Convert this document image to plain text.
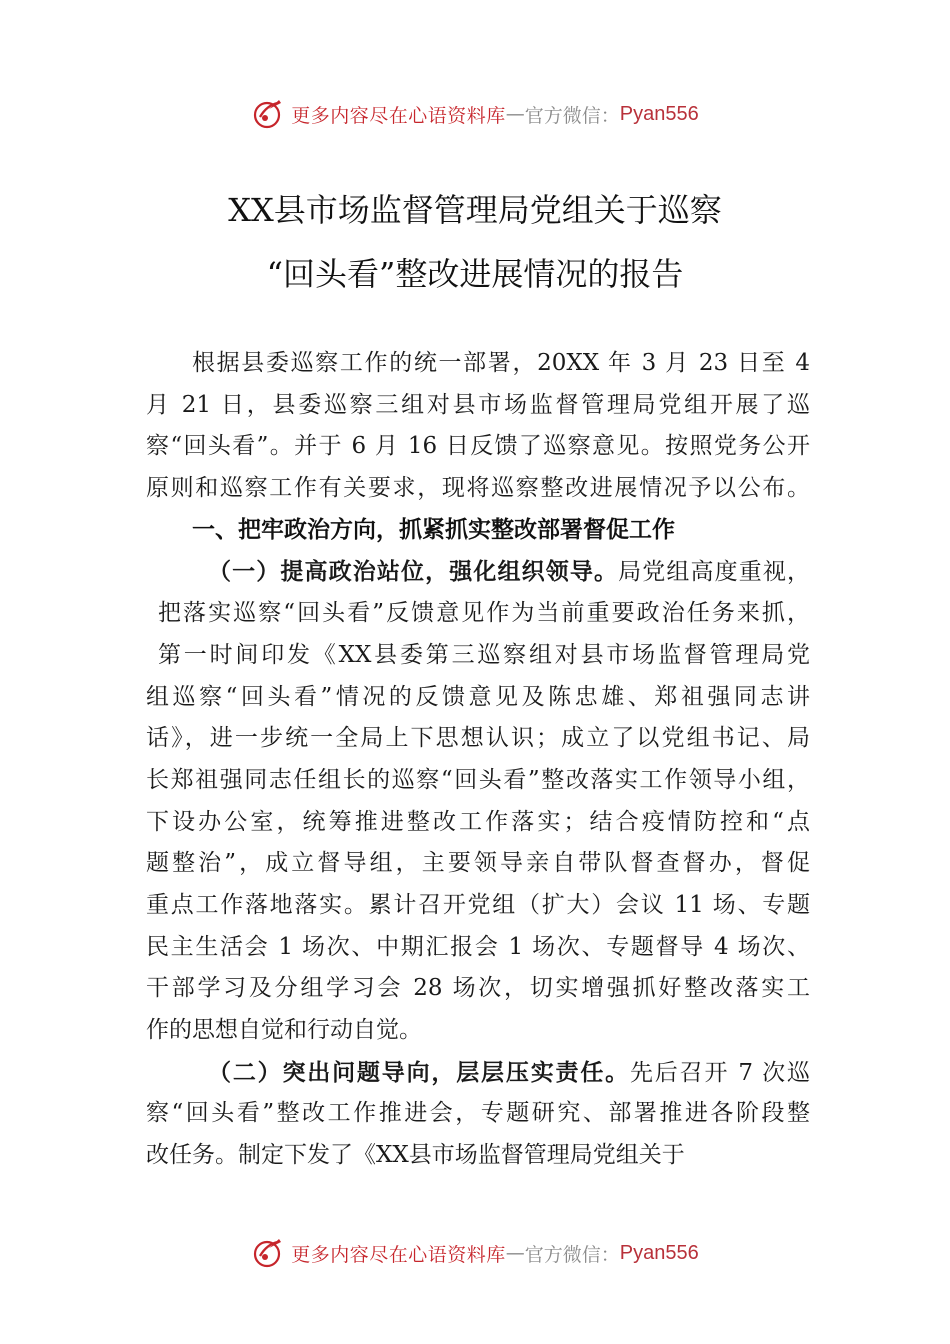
更多内容尽在心语资料库 — 官方微信： Pyan556
XX县市场监督管理局党组关于巡察
“回头看”整改进展情况的报告
根据县委巡察工作的统一部署，20XX 年 3 月 23 日至 4
月 21 日，县委巡察三组对县市场监督管理局党组开展了巡
察“回头看”。并于 6 月 16 日反馈了巡察意见。按照党务公开
原则和巡察工作有关要求，现将巡察整改进展情况予以公布。
一、把牢政治方向，抓紧抓实整改部署督促工作
（一）提高政治站位，强化组织领导。局党组高度重视，
把落实巡察“回头看”反馈意见作为当前重要政治任务来抓，
第一时间印发《XX县委第三巡察组对县市场监督管理局党
组巡察“回头看”情况的反馈意见及陈忠雄、郑祖强同志讲
话》，进一步统一全局上下思想认识；成立了以党组书记、局
长郑祖强同志任组长的巡察“回头看”整改落实工作领导小组，
下设办公室，统筹推进整改工作落实；结合疫情防控和“点
题整治”，成立督导组，主要领导亲自带队督查督办，督促
重点工作落地落实。累计召开党组（扩大）会议 11 场、专题
民主生活会 1 场次、中期汇报会 1 场次、专题督导 4 场次、
干部学习及分组学习会 28 场次，切实增强抓好整改落实工
作的思想自觉和行动自觉。
（二）突出问题导向，层层压实责任。先后召开 7 次巡
察“回头看”整改工作推进会，专题研究、部署推进各阶段整
改任务。制定下发了《XX县市场监督管理局党组关于
更多内容尽在心语资料库 — 官方微信： Pyan556
